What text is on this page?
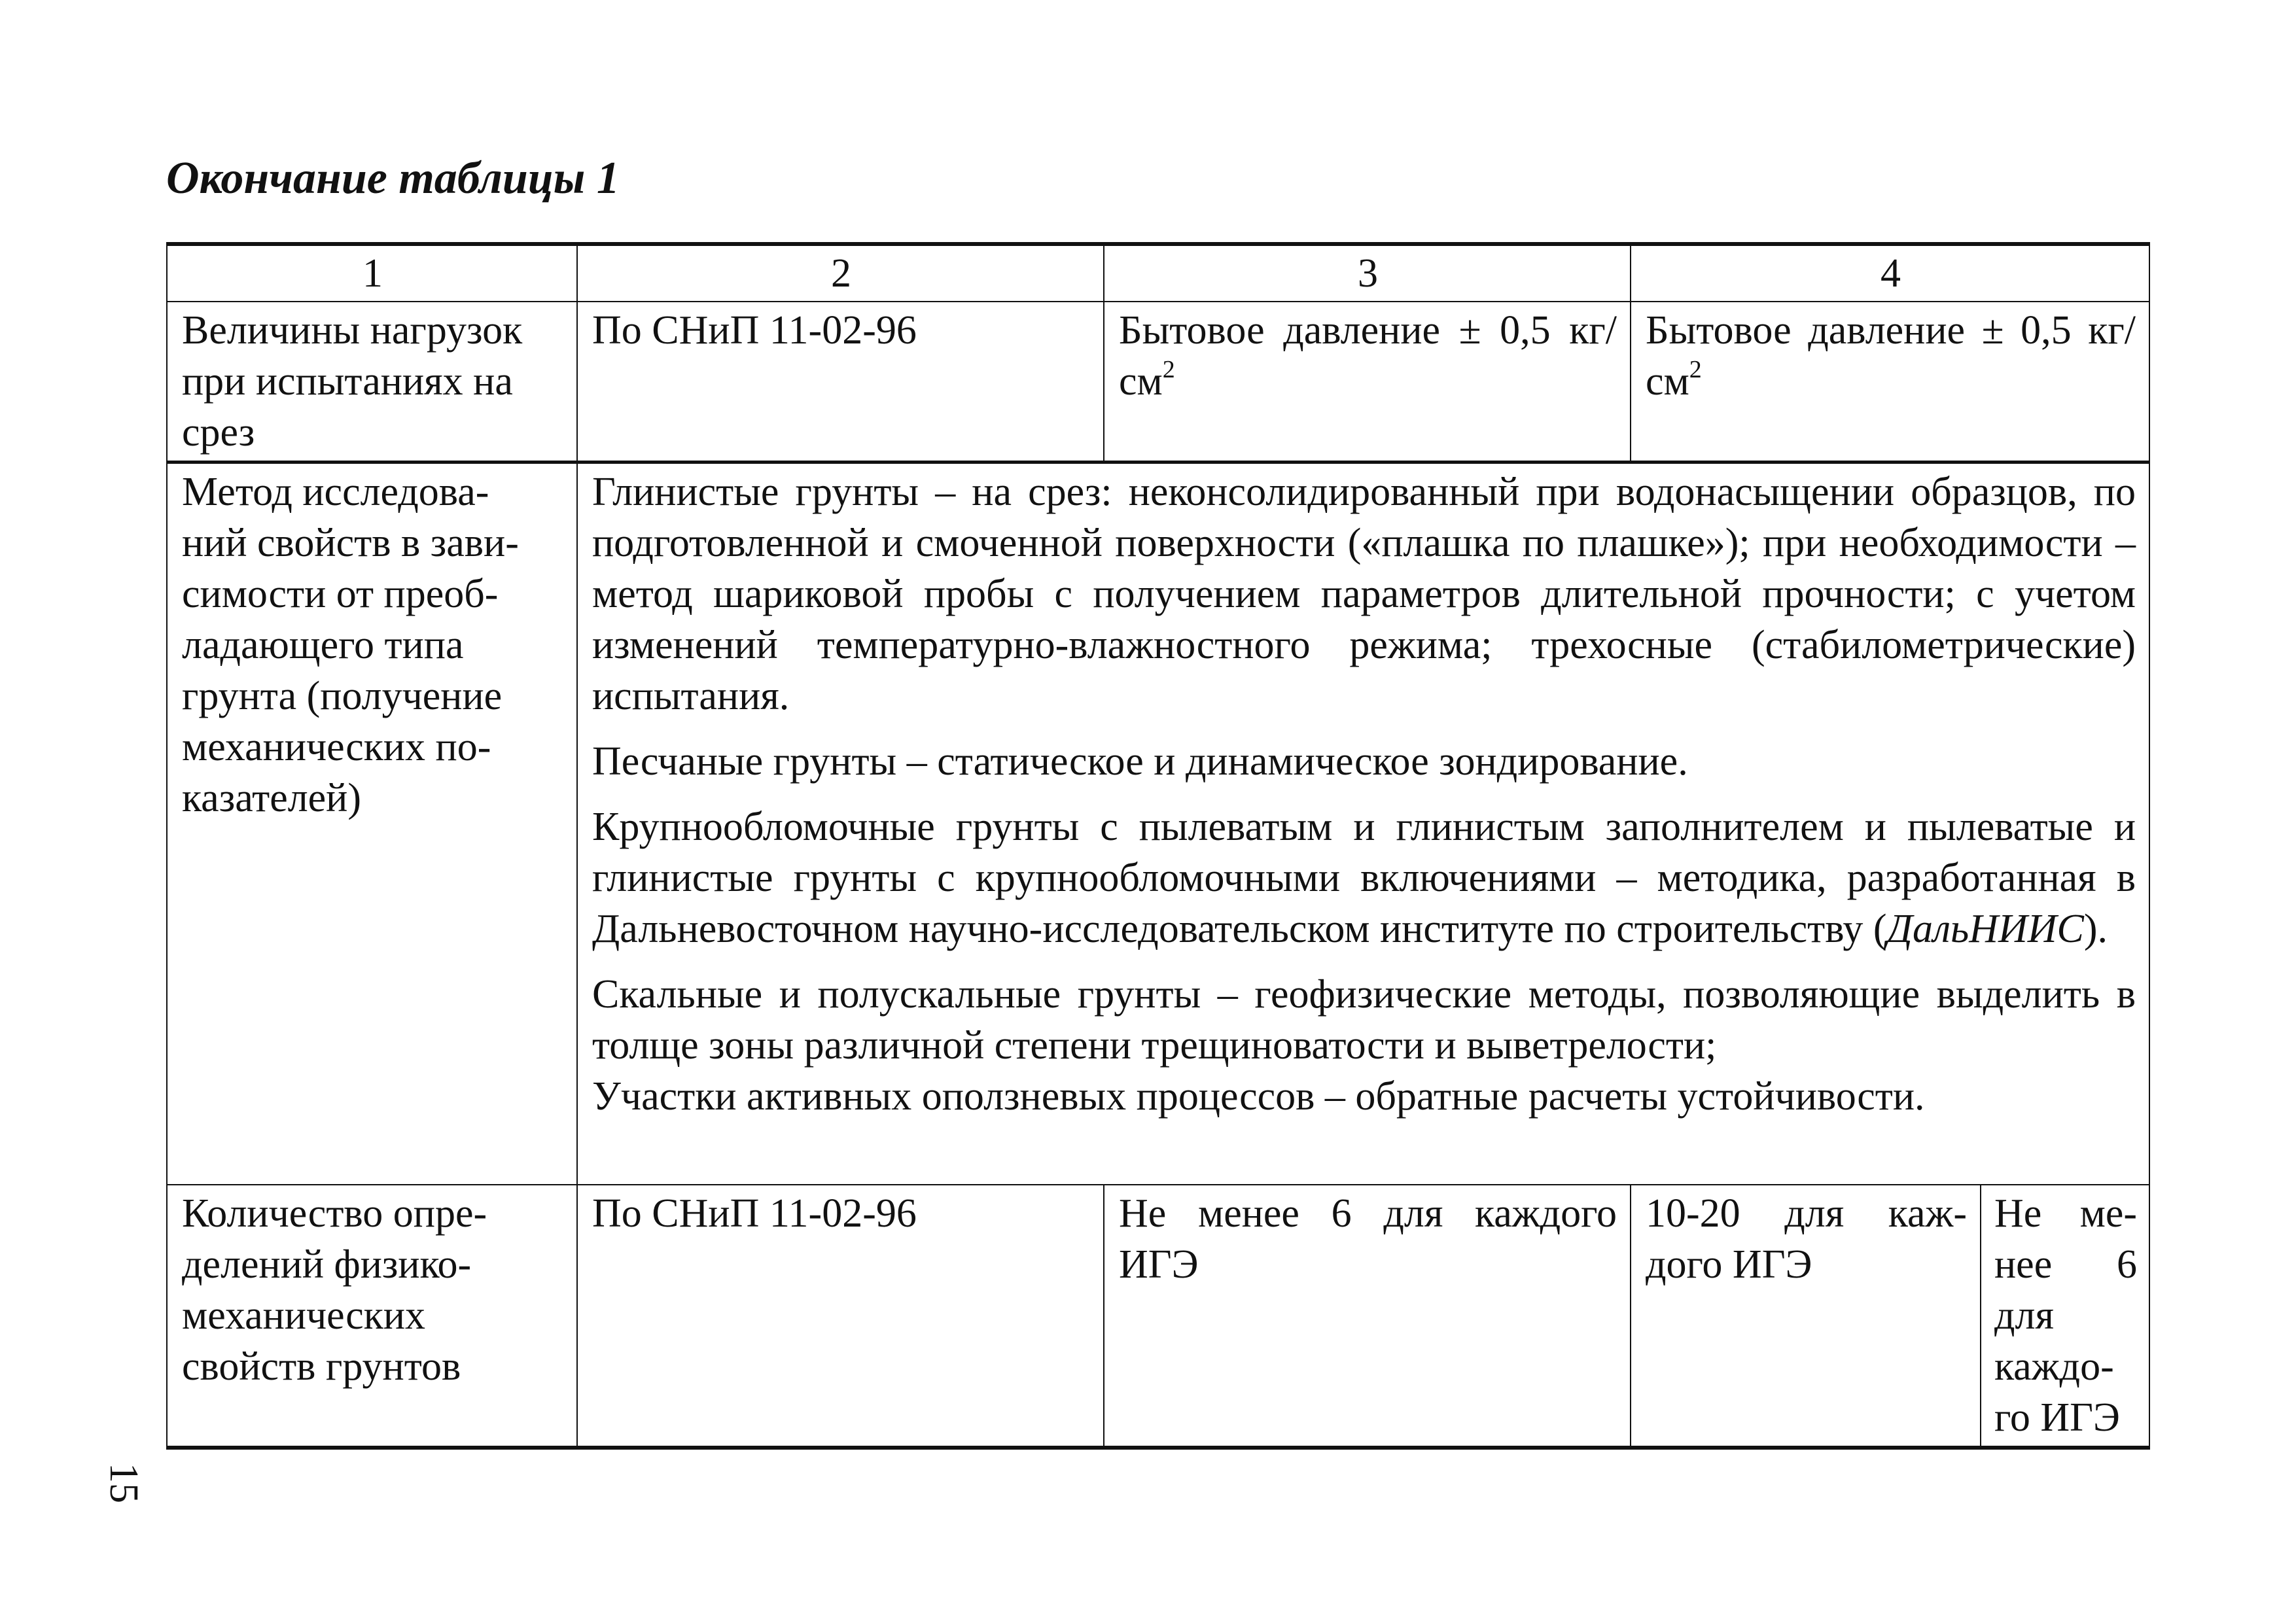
Окончание таблицы 1
1	2	3	4	
Величины нагрузок при испытаниях на срез	По СНиП 11-02-96	Бытовое давление ± 0,5 $кг/см^2$	Бытовое давление ± 0,5 $кг/см^2$

Метод исследова-ний свойств в зави-симости от преоб-ладающего типа грунта (получение механических по-казателей)	Глинистые грунты – на срез: неконсолидированный при водонасыщении образцов, по подготовленной и смоченной поверхности («плашка по плашке»); при необходимости – метод шариковой пробы с получением параметров длительной прочности; с учетом изменений температурно-влажностного режима; трехосные (стабилометрические) испытания.

Песчаные грунты – статическое и динамическое зондирование.

Крупнообломочные грунты с пылеватым и глинистым заполнителем и пылеватые и глинистые грунты с крупнообломочными включениями – методика, разработанная в Дальневосточном научно-исследовательском институте по строительству (ДальНИИС).

Скальные и полускальные грунты – геофизические методы, позволяющие выделить в толще зоны различной степени трещиноватости и выветрелости;
Участки активных оползневых процессов – обратные расчеты устойчивости.			

Количество опре-делений физико-механических свойств грунтов	По СНиП 11-02-96	Не менее 6 для каждого ИГЭ	10-20 для каж-дого ИГЭ	Не ме-нее 6 для каждо-го ИГЭ
15
